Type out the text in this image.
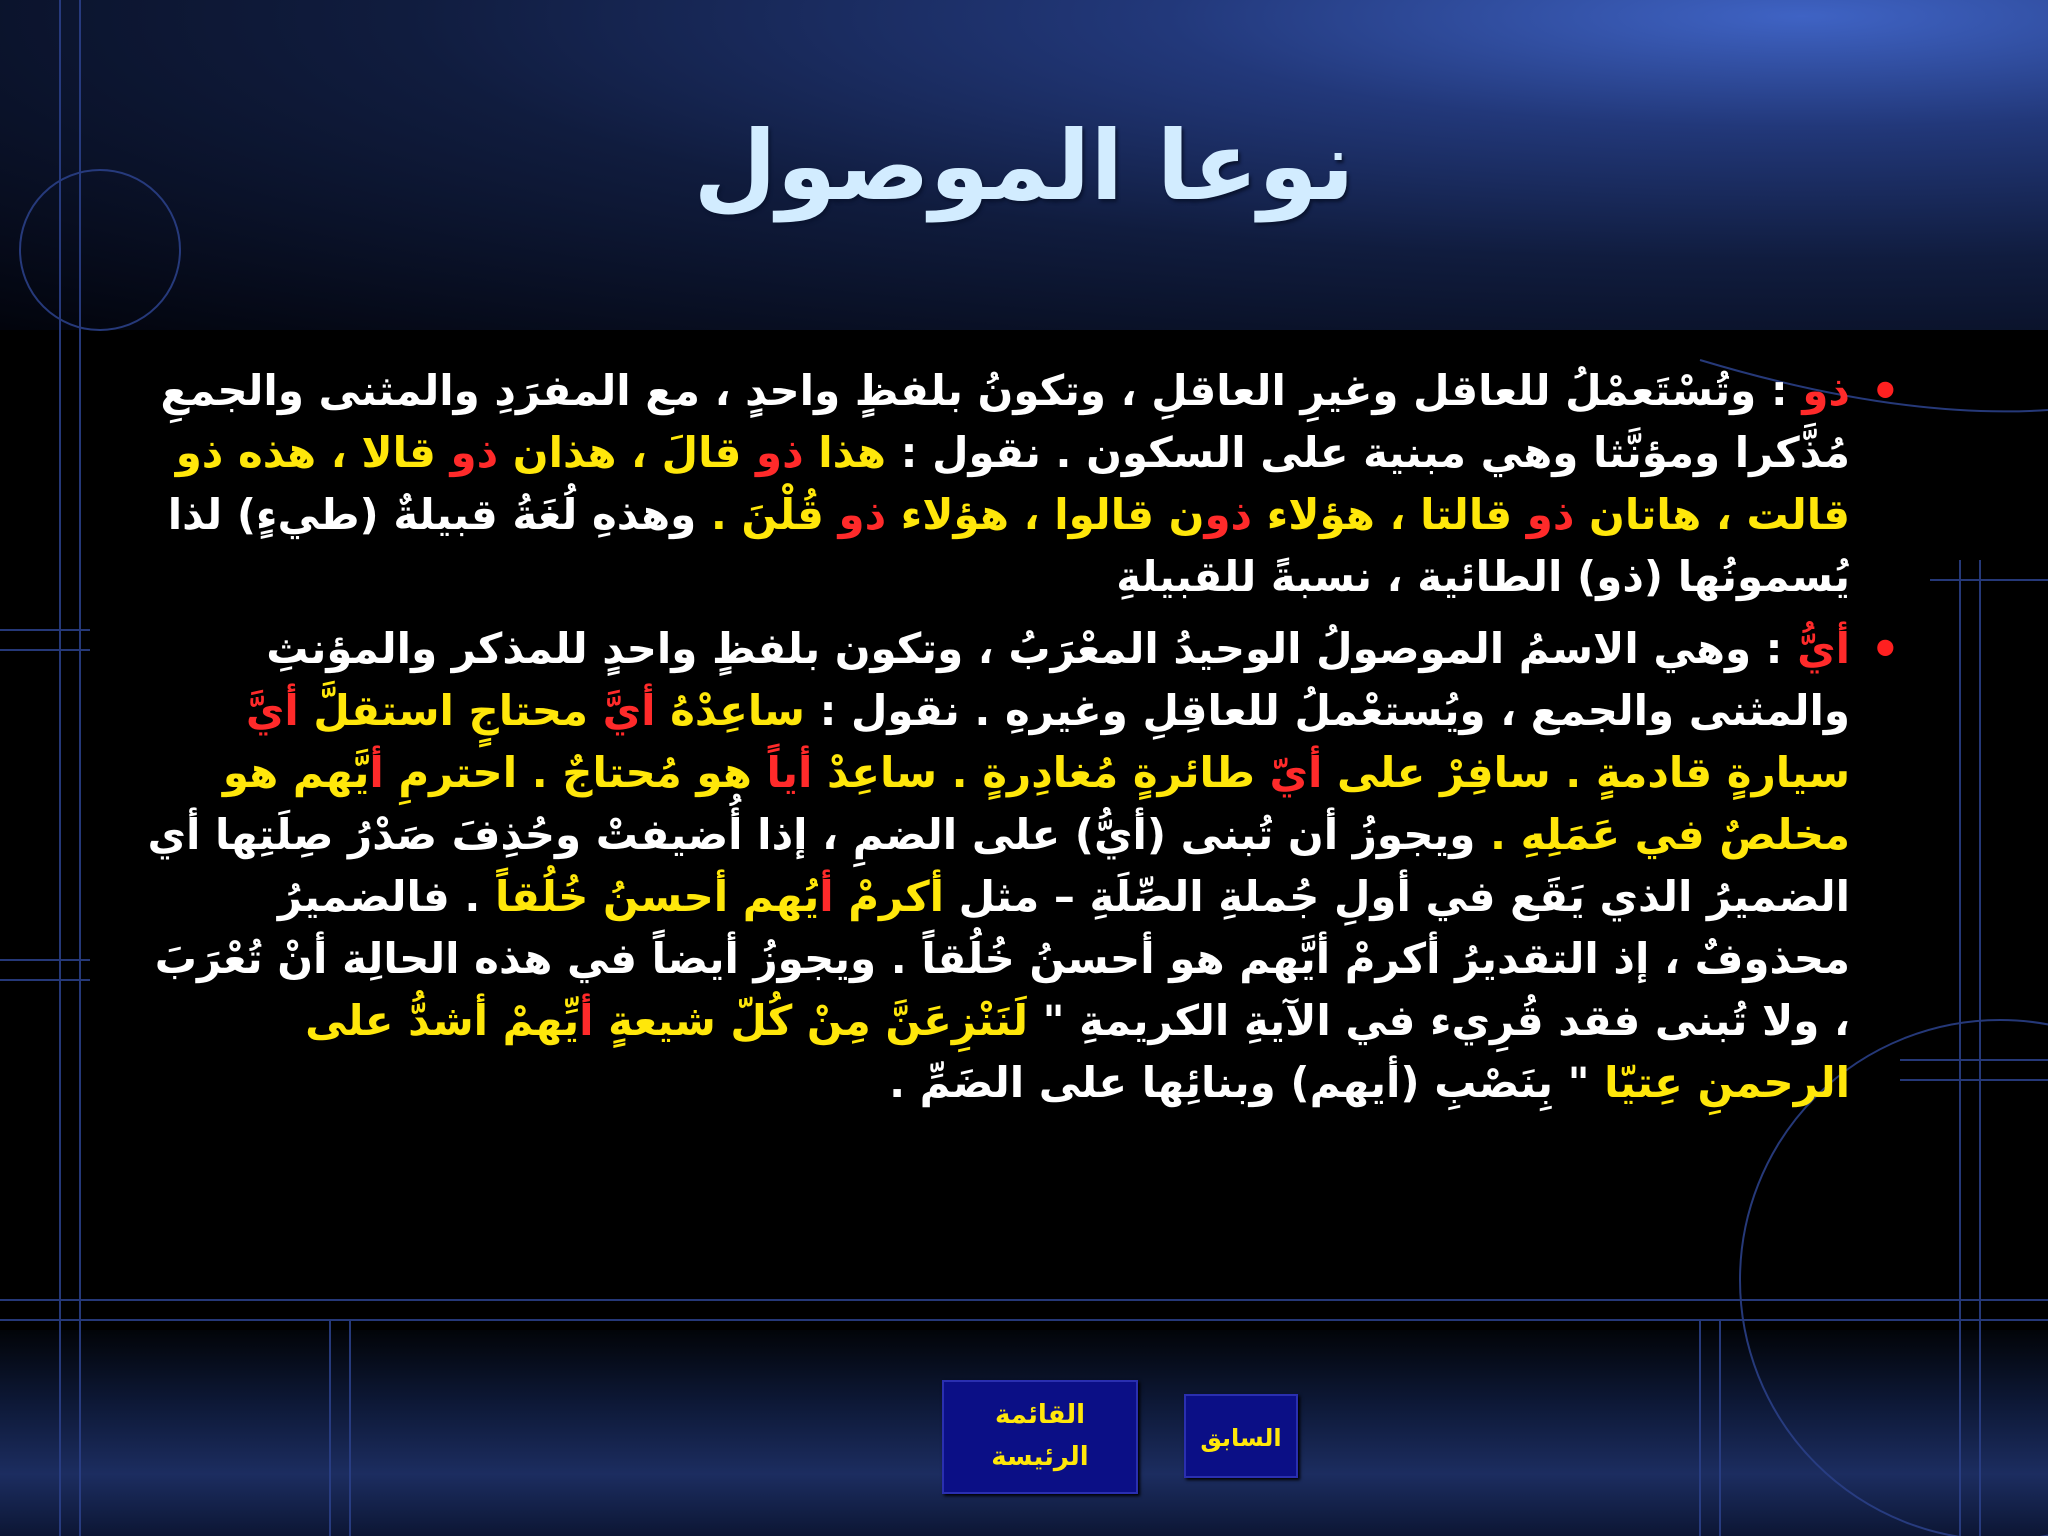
نوعا الموصول
•
ذو : وتُسْتَعمْلُ للعاقل وغيرِ العاقلِ ، وتكونُ بلفظٍ واحدٍ ، مع المفرَدِ والمثنى والجمعِ مُذَّكرا ومؤنَّثا وهي مبنية على السكون . نقول : هذا ذو قالَ ، هذان ذو قالا ، هذه ذو قالت ، هاتان ذو قالتا ، هؤلاء ذون قالوا ، هؤلاء ذو قُلْنَ . وهذهِ لُغَةُ قبيلةٌ (طيءٍ) لذا يُسمونُها (ذو) الطائية ، نسبةً للقبيلةِ
•
أيُّ : وهي الاسمُ الموصولُ الوحيدُ المعْرَبُ ، وتكون بلفظٍ واحدٍ للمذكر والمؤنثِ والمثنى والجمع ، ويُستعْملُ للعاقِلِ وغيرهِ . نقول : ساعِدْهُ أيَّ محتاجٍ استقلَّ أيَّ سيارةٍ قادمةٍ . سافِرْ على أيّ طائرةٍ مُغادِرةٍ . ساعِدْ أياً هو مُحتاجٌ . احترمِ أيَّهم هو مخلصٌ في عَمَلِهِ . ويجوزُ أن تُبنى (أيُّ) على الضمِ ، إذا أُضيفتْ وحُذِفَ صَدْرُ صِلَتِها أي الضميرُ الذي يَقَع في أولِ جُملةِ الصِّلَةِ – مثل أكرمْ أيُهم أحسنُ خُلُقاً . فالضميرُ محذوفٌ ، إذ التقديرُ أكرمْ أيَّهم هو أحسنُ خُلُقاً . ويجوزُ أيضاً في هذه الحالِة أنْ تُعْرَبَ ، ولا تُبنى فقد قُرِيء في الآيةِ الكريمةِ " لَنَنْزِعَنَّ مِنْ كُلّ شيعةٍ أيِّهمْ أشدُّ على الرحمنِ عِتيّا " بِنَصْبِ (أيهم) وبنائِها على الضَمِّ .
القائمة
الرئيسة
السابق
